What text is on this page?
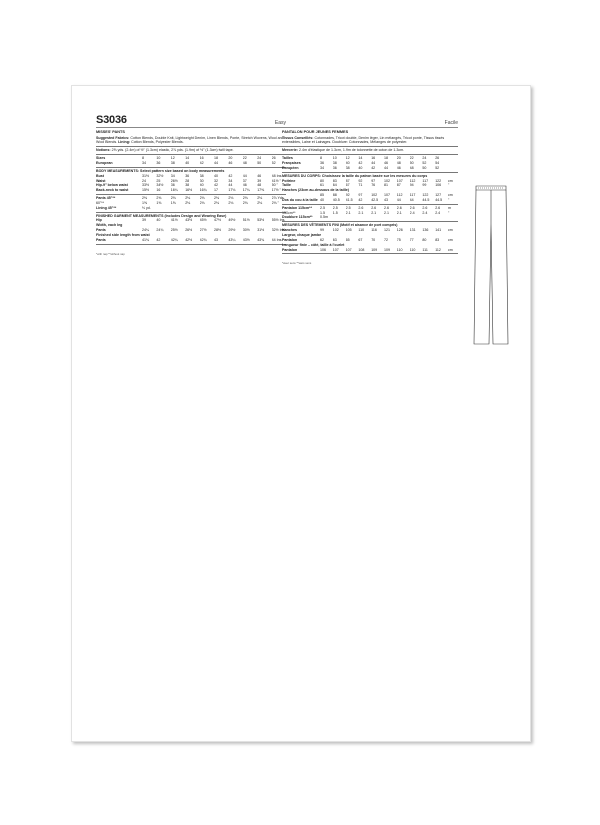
S3036	Easy
MISSES' PANTS
Suggested Fabrics: Cotton Blends, Double Knit, Lightweight Denim, Linen Blends, Ponte, Stretch Wovens, Wool and Wool Blends. Lining: Cotton Blends, Polyester Blends.
Notions: 2⅝ yds. (2.4m) of ½" (1.3cm) elastic, 2⅞ yds. (1.9m) of ½" (1.3cm) twill tape.
Sizes	8	10	12	14	16	18	20	22	24	26
European	34	36	38	40	42	44	46	48	50	52
BODY MEASUREMENTS: Select pattern size based on body measurements
Bust	31½	32½	34	36	38	40	42	44	46	48 Ins.
Waist	24	25	26½	28	30	32	34	37	39	41½ "
Hip-9" below waist	33½	34½	36	38	40	42	44	46	48	50 "
Back-neck to waist	15½	16	16¼	16½	16¾	17	17⅛	17¼	17⅜	17½ "
Pants 45"**	2⅜	2⅜	2⅛	2⅛	2⅛	2⅛	2⅛	2⅛	2⅛	2⅞ Yds.
60"**	1⅝	1⅝	1⅝	2⅛	2⅛	2⅛	2⅛	2⅛	2⅛	2⅛ "
Lining 45"**	⅓ yd.
FINISHED GARMENT MEASUREMENTS (Includes Design and Wearing Ease)
Hip	39	40	41½	43½	45½	47½	49½	51½	53½	55½ Ins.
Width, each leg
Pants	24¼	24¾	25½	26½	27½	28½	29½	30½	31½	32½ Ins.
Finished side length from waist
Pants	41¾	42	42¼	42½	42¾	43	43¼	43½	43¾	44 Ins.
*with nap **without nap
Facile
PANTALON POUR JEUNES FEMMES
Tissus Conseillés: Cotonnades, Tricot double, Denim léger, Lin mélangés, Tricot ponte, Tissus tissés extensibles, Laine et Lainages. Doublure: Cotonnades, Mélanges de polyester.
Mercerie: 2.4m d'élastique de 1.3cm, 1.9m de tolonnette de coton de 1.3cm.
Tailles	8	10	12	14	16	18	20	22	24	26
Françaises	36	38	40	42	44	46	48	50	52	54
Européen	34	36	38	40	42	44	46	48	50	52
MESURES DU CORPS: Choisissez la taille du patron basée sur les mesures du corps
Poitrine	80	83	87	92	97	102	107	112	117	122	cm
Taille	61	64	67	71	76	81	87	94	99	106	"
Hanches (23cm au-dessous de la taille)
85	88	92	97	102	107	112	117	122	127	cm
Dos du cou à la taille 40	40.5	41.5	42	42.5	43	44	44	44.5	44.5	"
Pantalon 115cm**	2.5	2.5	2.5	2.6	2.6	2.6	2.6	2.6	2.6	2.6	m
150cm**	1.5	1.5	2.1	2.1	2.1	2.1	2.1	2.4	2.4	2.4	"
Doublure 115cm**	0.5m
MESURES DES VÊTEMENTS FINI (Motif et aisance de port compris)
Hanches	99	102	105	110	116	121	126	131	136	141	cm
Largeur, chaque jambe
Pantalon	62	63	65	67	70	72	75	77	80	83	cm
Longueur finie – côté, taille à l'ourlet
Pantalon	106	107	107	108	109	109	110	110	111	112	cm
*avec sens **sans sens
